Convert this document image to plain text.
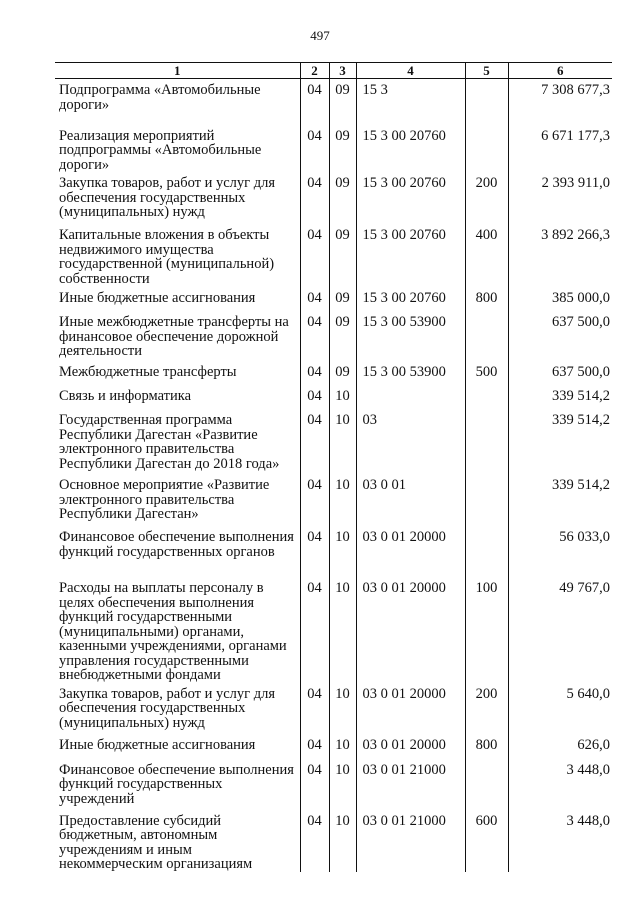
497
1	2	3	4	5	6
Подпрограмма «Автомобильные дороги»	04	09	15 3		7 308 677,3
Реализация мероприятий подпрограммы «Автомобильные дороги»	04	09	15 3 00 20760		6 671 177,3
Закупка товаров, работ и услуг для обеспечения государственных (муниципальных) нужд	04	09	15 3 00 20760	200	2 393 911,0
Капитальные вложения в объекты недвижимого имущества государственной (муниципальной) собственности	04	09	15 3 00 20760	400	3 892 266,3
Иные бюджетные ассигнования	04	09	15 3 00 20760	800	385 000,0
Иные межбюджетные трансферты на финансовое обеспечение дорожной деятельности	04	09	15 3 00 53900		637 500,0
Межбюджетные трансферты	04	09	15 3 00 53900	500	637 500,0
Связь и информатика	04	10			339 514,2
Государственная программа Республики Дагестан «Развитие электронного правительства Республики Дагестан до 2018 года»	04	10	03		339 514,2
Основное мероприятие «Развитие электронного правительства Республики Дагестан»	04	10	03 0 01		339 514,2
Финансовое обеспечение выполнения функций государственных органов	04	10	03 0 01 20000		56 033,0
Расходы на выплаты персоналу в целях обеспечения выполнения функций государственными (муниципальными) органами, казенными учреждениями, органами управления государственными внебюджетными фондами	04	10	03 0 01 20000	100	49 767,0
Закупка товаров, работ и услуг для обеспечения государственных (муниципальных) нужд	04	10	03 0 01 20000	200	5 640,0
Иные бюджетные ассигнования	04	10	03 0 01 20000	800	626,0
Финансовое обеспечение выполнения функций государственных учреждений	04	10	03 0 01 21000		3 448,0
Предоставление субсидий бюджетным, автономным учреждениям и иным некоммерческим организациям	04	10	03 0 01 21000	600	3 448,0
